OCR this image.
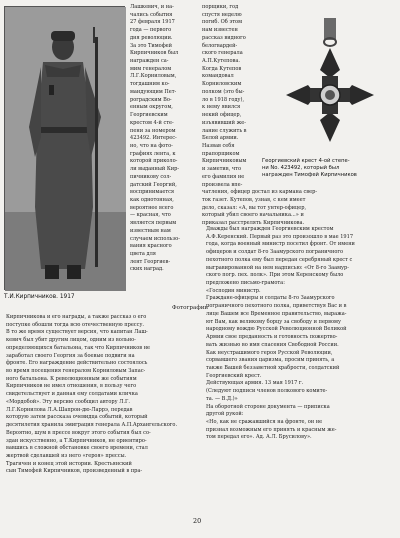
Т.И.Кирпичников. 1917
Лашкевич, и на-
чались события
27 февраля 1917
года — первого
дня революции.
За это Тимофей
Кирпичников был
награжден са-
мим генералом
Л.Г.Корниловым,
тогдашним ко-
мандующим Пет-
роградским Во-
енным округом,
Георгиевским
крестом 4-й сте-
пени за номером
423492. Интерес-
но, что на фото-
графиях лента, к
которой приколо-
ли выданный Кир-
пичникову сол-
датский Георгий,
воспринимается
как однотонная,
вероятнее всего
— красная, что
является первым
известным нам
случаем использо-
вания красного
цвета для
лент Георгиев-
ских наград.
порщики, год
спустя неделю
погиб. Об этом
нам известен
рассказ видного
белогвардей-
ского генерала
А.П.Кутепова.
Когда Кутепов
командовал
Корниловским
полком (это бы-
ло в 1918 году),
к нему явился
некий офицер,
изъявивший же-
лание служить в
Белой армии.
Назвав себя
прапорщиком
Кирпичниковым
и заметив, что
его фамилия не
произвела впе-
чатления, офицер достал из кармана свер-
ток газет. Кутепов, узнав, с кем имеет
дело, сказал: «А, вы тот унтер-офицер,
который убил своего начальника...» и
приказал расстрелять Кирпичникова.
Георгиевский крест 4-ой степе-
ни No. 423492, который был
награжден Тимофей Кирпичников
Дважды был награжден Георгиевским крестом
А.Ф.Керенский. Первый раз это произошло в мае 1917
года, когда военный министр посетил фронт. От имени
офицеров и солдат 8-го Заамурского пограничного
пехотного полка ему был передан серебряный крест с
выгравированной на нем надписью: «От 8-го Заамур-
ского погр. пех. полк». При этом Керенскому было
предложено письмо-грамота:
«Господин министр.
Гражданe-офицеры и солдаты 8-го Заамурского
пограничного пехотного полка, приветствуя Вас и в
лице Вашем все Временное правительство, выража-
ют Вам, как великому борцу за свободу и первому
народному вождю Русской Революционной Великой
Армии свое преданность и готовность пожертво-
вать жизнью во имя спасения Свободной России.
Как неустрашимого героя Русской Революции,
сорвавшего звания царизма, просим принять, а
также Вашей беззаветной храбрости, солдатский
Георгиевский крест.
Действующая армия. 13 мая 1917 г.
(Следуют подписи членов полкового комите-
та. — В.Д.)»
На оборотной стороне документа — приписка
другой рукой:
«Но, как не сражавшийся на фронте, он не
признал возможным его принять и красным же-
том передал его». Ад. А.Л. Брусилову».
Фотографии
Кирпичникова и его награды, а также рассказ о его
поступке обошли тогда всю отечественную прессу.
В то же время существует версия, что капитан Лаш-
кевич был убит другим лицом, одним из вольно-
определяющихся батальона, так что Кирпичников не
заработал своего Георгия за боевые подвиги на
фронте. Его награждение действительно состоялось
во время посещения генералом Корниловым Запас-
ного батальона. К революционным же событиям
Кирпичников не имел отношения, в пользу чего
свидетельствует и данная ему солдатами кличка
«Мордобой». Эту версию сообщил автору Л.Г.
Л.Г.Корнилова Л.А.Шапрон-дю-Ларрэ, передав
которую затем рассказа очевидца событий, который
десятилетия хранила эмиграция генерала А.П.Архангельского.
Вероятно, шум в прессе вокруг этого события был со-
здан искусственно, а Т.Кирпичников, не ориентиро-
вавшись в сложной обстановке своего времени, стал
жертвой сделавшей из него «героя» прессы.
Трагичен и конец этой истории. Крестьянский
сын Тимофей Кирпичников, произведенный в пра-
20
